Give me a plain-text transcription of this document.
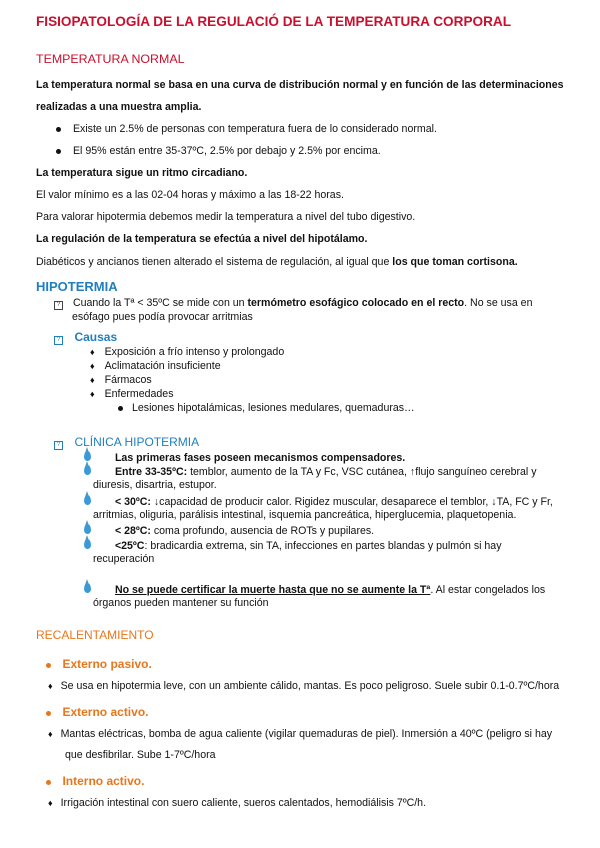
FISIOPATOLOGÍA DE LA REGULACIÓ DE LA TEMPERATURA CORPORAL
TEMPERATURA NORMAL
La temperatura normal se basa en una curva de distribución normal y en función de las determinaciones
realizadas a una muestra amplia.
Existe un 2.5% de personas con temperatura fuera de lo considerado normal.
El 95% están entre 35-37ºC, 2.5% por debajo y 2.5% por encima.
La temperatura sigue un ritmo circadiano.
El valor mínimo es a las 02-04 horas y máximo a las 18-22 horas.
Para valorar hipotermia debemos medir la temperatura a nivel del tubo digestivo.
La regulación de la temperatura se efectúa a nivel del hipotálamo.
Diabéticos y ancianos tienen alterado el sistema de regulación, al igual que los que toman cortisona.
HIPOTERMIA
? Cuando la Tª < 35ºC se mide con un termómetro esofágico colocado en el recto. No se usa en
esófago pues podía provocar arritmias
? Causas
♦ Exposición a frío intenso y prolongado
♦ Aclimatación insuficiente
♦ Fármacos
♦ Enfermedades
Lesiones hipotalámicas, lesiones medulares, quemaduras…
? CLÍNICA HIPOTERMIA
Las primeras fases poseen mecanismos compensadores.
Entre 33-35ºC: temblor, aumento de la TA y Fc, VSC cutánea, ↑flujo sanguíneo cerebral y
diuresis, disartria, estupor.
< 30ºC: ↓capacidad de producir calor. Rigidez muscular, desaparece el temblor, ↓TA, FC y Fr,
arritmias, oliguria, parálisis intestinal, isquemia pancreática, hiperglucemia, plaquetopenia.
< 28ºC: coma profundo, ausencia de ROTs y pupilares.
<25ºC: bradicardia extrema, sin TA, infecciones en partes blandas y pulmón si hay
recuperación
No se puede certificar la muerte hasta que no se aumente la Tª. Al estar congelados los
órganos pueden mantener su función
RECALENTAMIENTO
Externo pasivo.
♦ Se usa en hipotermia leve, con un ambiente cálido, mantas. Es poco peligroso. Suele subir 0.1-0.7ºC/hora
Externo activo.
♦ Mantas eléctricas, bomba de agua caliente (vigilar quemaduras de piel). Inmersión a 40ºC (peligro si hay
que desfibrilar. Sube 1-7ºC/hora
Interno activo.
♦ Irrigación intestinal con suero caliente, sueros calentados, hemodiálisis 7ºC/h.
